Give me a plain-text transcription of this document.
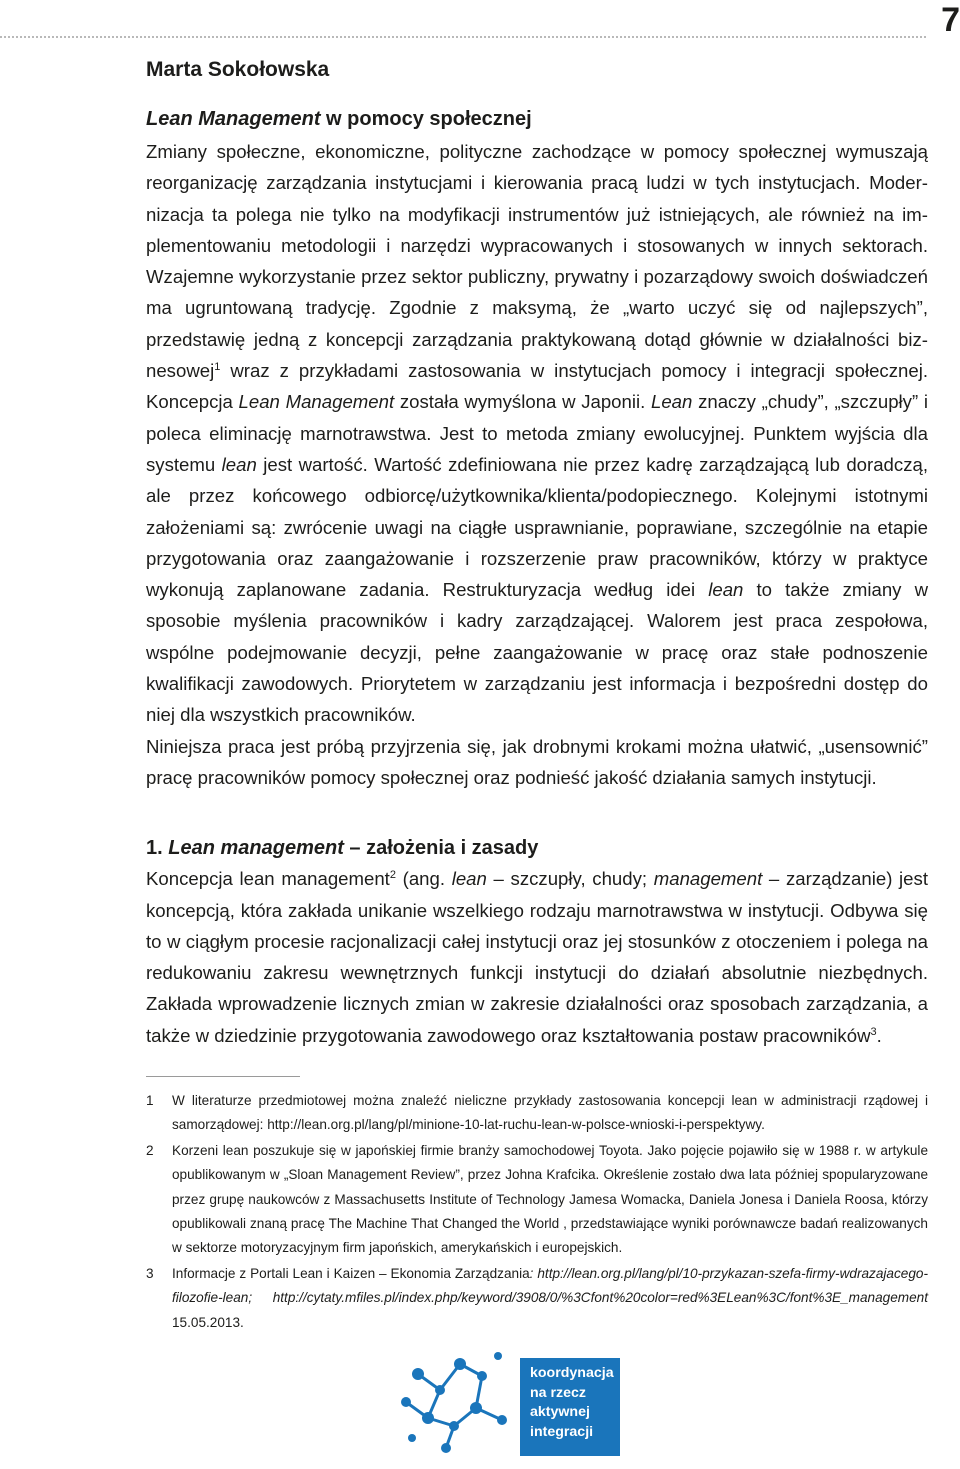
7
Marta Sokołowska
Lean Management w pomocy społecznej

Zmiany społeczne, ekonomiczne, polityczne zachodzące w pomocy społecznej wymuszają reorganizację zarządzania instytucjami i kierowania pracą ludzi w tych instytucjach. Modernizacja ta polega nie tylko na modyfikacji instrumentów już istniejących, ale również na implementowaniu metodologii i narzędzi wypracowanych i stosowanych w innych sektorach. Wzajemne wykorzystanie przez sektor publiczny, prywatny i pozarządowy swoich doświadczeń ma ugruntowaną tradycję. Zgodnie z maksymą, że „warto uczyć się od najlepszych”, przedstawię jedną z koncepcji zarządzania praktykowaną dotąd głównie w działalności biznesowej$^1$ wraz z przykładami zastosowania w instytucjach pomocy i integracji społecznej. Koncepcja Lean Management została wymyślona w Japonii. Lean znaczy „chudy”, „szczupły” i poleca eliminację marnotrawstwa. Jest to metoda zmiany ewolucyjnej. Punktem wyjścia dla systemu lean jest wartość. Wartość zdefiniowana nie przez kadrę zarządzającą lub doradczą, ale przez końcowego odbiorcę/użytkownika/klienta/podopiecznego. Kolejnymi istotnymi założeniami są: zwrócenie uwagi na ciągłe usprawnianie, poprawiane, szczególnie na etapie przygotowania oraz zaangażowanie i rozszerzenie praw pracowników, którzy w praktyce wykonują zaplanowane zadania. Restrukturyzacja według idei lean to także zmiany w sposobie myślenia pracowników i kadry zarządzającej. Walorem jest praca zespołowa, wspólne podejmowanie decyzji, pełne zaangażowanie w pracę oraz stałe podnoszenie kwalifikacji zawodowych. Priorytetem w zarządzaniu jest informacja i bezpośredni dostęp do niej dla wszystkich pracowników.

Niniejsza praca jest próbą przyjrzenia się, jak drobnymi krokami można ułatwić, „usensownić” pracę pracowników pomocy społecznej oraz podnieść jakość działania samych instytucji.

1. Lean management – założenia i zasady

Koncepcja lean management$^2$ (ang. lean – szczupły, chudy; management – zarządzanie) jest koncepcją, która zakłada unikanie wszelkiego rodzaju marnotrawstwa w instytucji. Odbywa się to w ciągłym procesie racjonalizacji całej instytucji oraz jej stosunków z otoczeniem i polega na redukowaniu zakresu wewnętrznych funkcji instytucji do działań absolutnie niezbędnych. Zakłada wprowadzenie licznych zmian w zakresie działalności oraz sposobach zarządzania, a także w dziedzinie przygotowania zawodowego oraz kształtowania postaw pracowników$^3$.

1 W literaturze przedmiotowej można znaleźć nieliczne przykłady zastosowania koncepcji lean w administracji rządowej i samorządowej: http://lean.org.pl/lang/pl/minione-10-lat-ruchu-lean-w-polsce-wnioski-i-perspektywy.
2 Korzeni lean poszukuje się w japońskiej firmie branży samochodowej Toyota. Jako pojęcie pojawiło się w 1988 r. w artykule opublikowanym w „Sloan Management Review”, przez Johna Krafcika. Określenie zostało dwa lata później spopularyzowane przez grupę naukowców z Massachusetts Institute of Technology Jamesa Womacka, Daniela Jonesa i Daniela Roosa, którzy opublikowali znaną pracę The Machine That Changed the World , przedstawiające wyniki porównawcze badań realizowanych w sektorze motoryzacyjnym firm japońskich, amerykańskich i europejskich.
3 Informacje z Portali Lean i Kaizen – Ekonomia Zarządzania: http://lean.org.pl/lang/pl/10-przykazan-szefa-firmy-wdrazajacego-filozofie-lean; http://cytaty.mfiles.pl/index.php/keyword/3908/0/%3Cfont%20color=red%3ELean%3C/font%3E_management 15.05.2013.
koordynacja
na rzecz
aktywnej
integracji
